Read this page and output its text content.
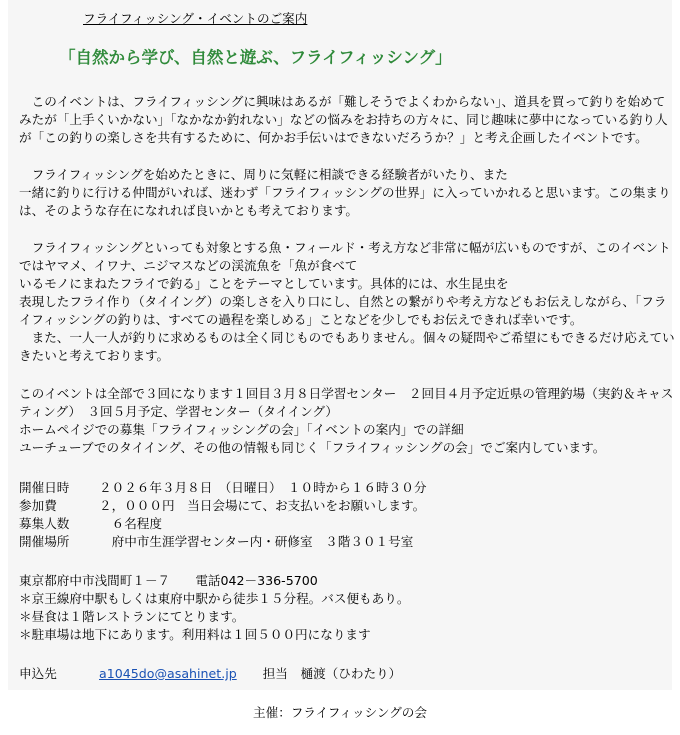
フライフィッシング・イベントのご案内
「自然から学び、自然と遊ぶ、フライフィッシング」
　このイベントは、フライフィッシングに興味はあるが「難しそうでよくわからない」、道具を買って釣りを始めて
みたが「上手くいかない」「なかなか釣れない」などの悩みをお持ちの方々に、同じ趣味に夢中になっている釣り人
が「この釣りの楽しさを共有するために、何かお手伝いはできないだろうか？」と考え企画したイベントです。
　フライフィッシングを始めたときに、周りに気軽に相談できる経験者がいたり、また
一緒に釣りに行ける仲間がいれば、迷わず「フライフィッシングの世界」に入っていかれると思います。この集まり
は、そのような存在になれれば良いかとも考えております。
　フライフィッシングといっても対象とする魚・フィールド・考え方など非常に幅が広いものですが、このイベント
ではヤマメ、イワナ、ニジマスなどの渓流魚を「魚が食べて
いるモノにまねたフライで釣る」ことをテーマとしています。具体的には、水生昆虫を
表現したフライ作り（タイイング）の楽しさを入り口にし、自然との繋がりや考え方などもお伝えしながら、「フラ
イフィッシングの釣りは、すべての過程を楽しめる」ことなどを少しでもお伝えできれば幸いです。
　また、一人一人が釣りに求めるものは全く同じものでもありません。個々の疑問やご希望にもできるだけ応えてい
きたいと考えております。
このイベントは全部で３回になります１回目３月８日学習センター　２回目４月予定近県の管理釣場（実釣＆キャス
ティング）　３回５月予定、学習センター（タイイング）
ホームペイジでの募集「フライフィッシングの会」「イベントの案内」での詳細
ユーチューブでのタイイング、その他の情報も同じく「フライフィッシングの会」でご案内しています。
開催日時 ２０２６年３月８日　（日曜日）　１０時から１６時３０分
参加費	２，０００円　当日会場にて、お支払いをお願いします。
募集人数　６名程度
開催場所　府中市生涯学習センター内・研修室　３階３０１号室
東京都府中市浅間町１－７　　電話042－336-5700
＊京王線府中駅もしくは東府中駅から徒歩１５分程。バス便もあり。
＊昼食は１階レストランにてとります。
＊駐車場は地下にあります。利用料は１回５００円になります
申込先	a1045do@asahinet.jp 担当　樋渡（ひわたり）
主催：フライフィッシングの会
